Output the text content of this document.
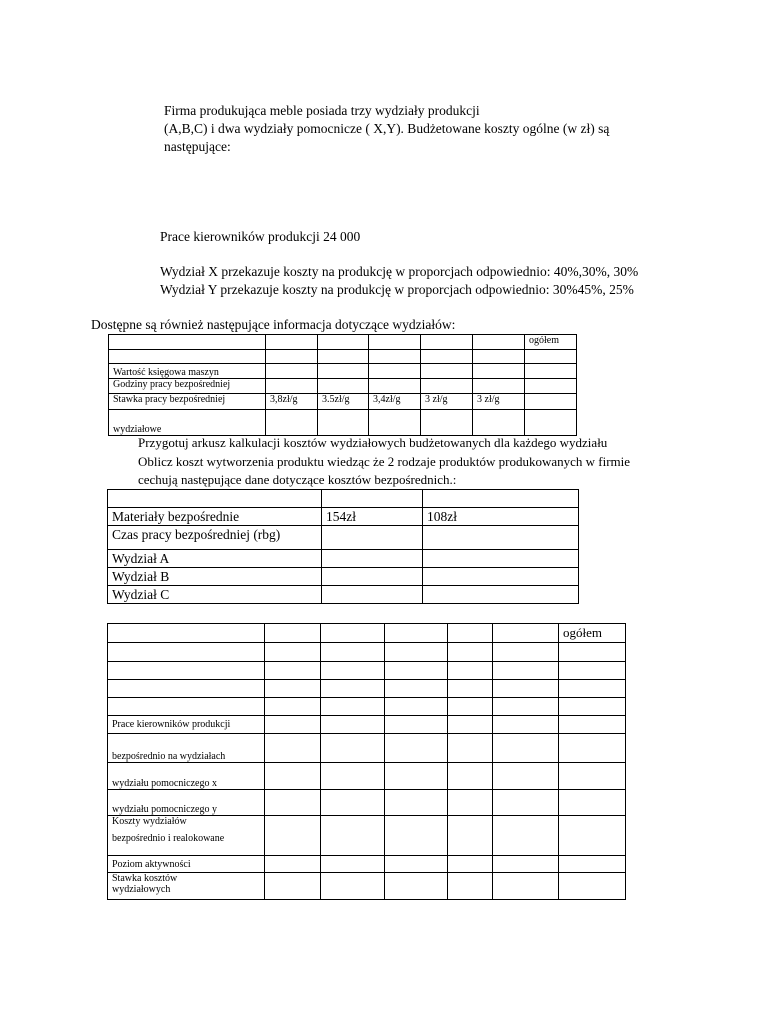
Firma produkująca meble posiada trzy wydziały produkcji
(A,B,C) i dwa wydziały pomocnicze ( X,Y). Budżetowane koszty ogólne (w zł) są
następujące:
Prace kierowników produkcji 24 000
Wydział X przekazuje koszty na produkcję w proporcjach odpowiednio: 40%,30%, 30%
Wydział Y przekazuje koszty na produkcję w proporcjach odpowiednio: 30%45%, 25%
Dostępne są również następujące informacja dotyczące wydziałów:
						ogółem

Wartość księgowa maszyn						
Godziny pracy bezpośredniej						
Stawka pracy bezpośredniej	3,8zł/g	3.5zł/g	3,4zł/g	3 zł/g	3 zł/g	
wydziałowe						
Przygotuj arkusz kalkulacji kosztów wydziałowych budżetowanych dla każdego wydziału
Oblicz koszt wytworzenia produktu wiedząc że 2 rodzaje produktów produkowanych w firmie
cechują następujące dane dotyczące kosztów bezpośrednich.:

Materiały bezpośrednie	154zł	108zł
Czas pracy bezpośredniej (rbg)		
Wydział A		
Wydział B		
Wydział C		
						ogółem

Prace kierowników produkcji						
bezpośrednio na wydziałach						
wydziału pomocniczego x						
wydziału pomocniczego y						

Koszty wydziałów
bezpośrednio i realokowane						

Poziom aktywności						

Stawka kosztów
wydziałowych						
